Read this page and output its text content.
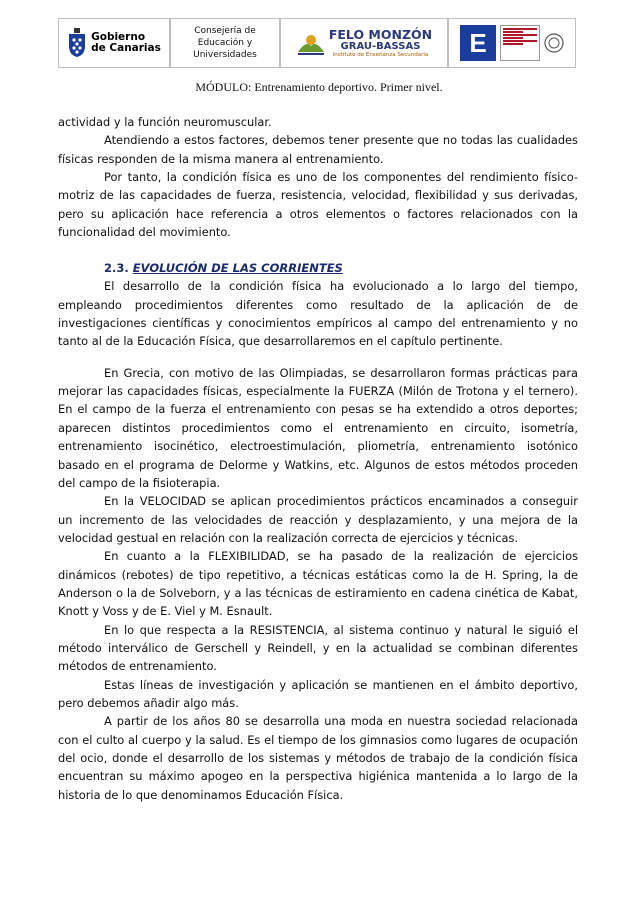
Gobierno
de Canarias
Consejería de
Educación y
Universidades
FELO MONZÓN
GRAU-BASSAS
Instituto de Enseñanza Secundaria	E
MÓDULO: Entrenamiento deportivo. Primer nivel.

actividad y la función neuromuscular.

Atendiendo a estos factores, debemos tener presente que no todas las cualidades físicas responden de la misma manera al entrenamiento.

Por tanto, la condición física es uno de los componentes del rendimiento físico-motriz de las capacidades de fuerza, resistencia, velocidad, flexibilidad y sus derivadas, pero su aplicación hace referencia a otros elementos o factores relacionados con la funcionalidad del movimiento.

2.3. EVOLUCIÓN DE LAS CORRIENTES

El desarrollo de la condición física ha evolucionado a lo largo del tiempo, empleando procedimientos diferentes como resultado de la aplicación de de investigaciones científicas y conocimientos empíricos al campo del entrenamiento y no tanto al de la Educación Física, que desarrollaremos en el capítulo pertinente.

En Grecia, con motivo de las Olimpiadas, se desarrollaron formas prácticas para mejorar las capacidades físicas, especialmente la FUERZA (Milón de Trotona y el ternero). En el campo de la fuerza el entrenamiento con pesas se ha extendido a otros deportes; aparecen distintos procedimientos como el entrenamiento en circuito, isometría, entrenamiento isocinético, electroestimulación, pliometría, entrenamiento isotónico basado en el programa de Delorme y Watkins, etc. Algunos de estos métodos proceden del campo de la fisioterapia.

En la VELOCIDAD se aplican procedimientos prácticos encaminados a conseguir un incremento de las velocidades de reacción y desplazamiento, y una mejora de la velocidad gestual en relación con la realización correcta de ejercicios y técnicas.

En cuanto a la FLEXIBILIDAD, se ha pasado de la realización de ejercicios dinámicos (rebotes) de tipo repetitivo, a técnicas estáticas como la de H. Spring, la de Anderson o la de Solveborn, y a las técnicas de estiramiento en cadena cinética de Kabat, Knott y Voss y de E. Viel y M. Esnault.

En lo que respecta a la RESISTENCIA, al sistema continuo y natural le siguió el método interválico de Gerschell y Reindell, y en la actualidad se combinan diferentes métodos de entrenamiento.

Estas líneas de investigación y aplicación se mantienen en el ámbito deportivo, pero debemos añadir algo más.

A partir de los años 80 se desarrolla una moda en nuestra sociedad relacionada con el culto al cuerpo y la salud. Es el tiempo de los gimnasios como lugares de ocupación del ocio, donde el desarrollo de los sistemas y métodos de trabajo de la condición física encuentran su máximo apogeo en la perspectiva higiénica mantenida a lo largo de la historia de lo que denominamos Educación Física.
